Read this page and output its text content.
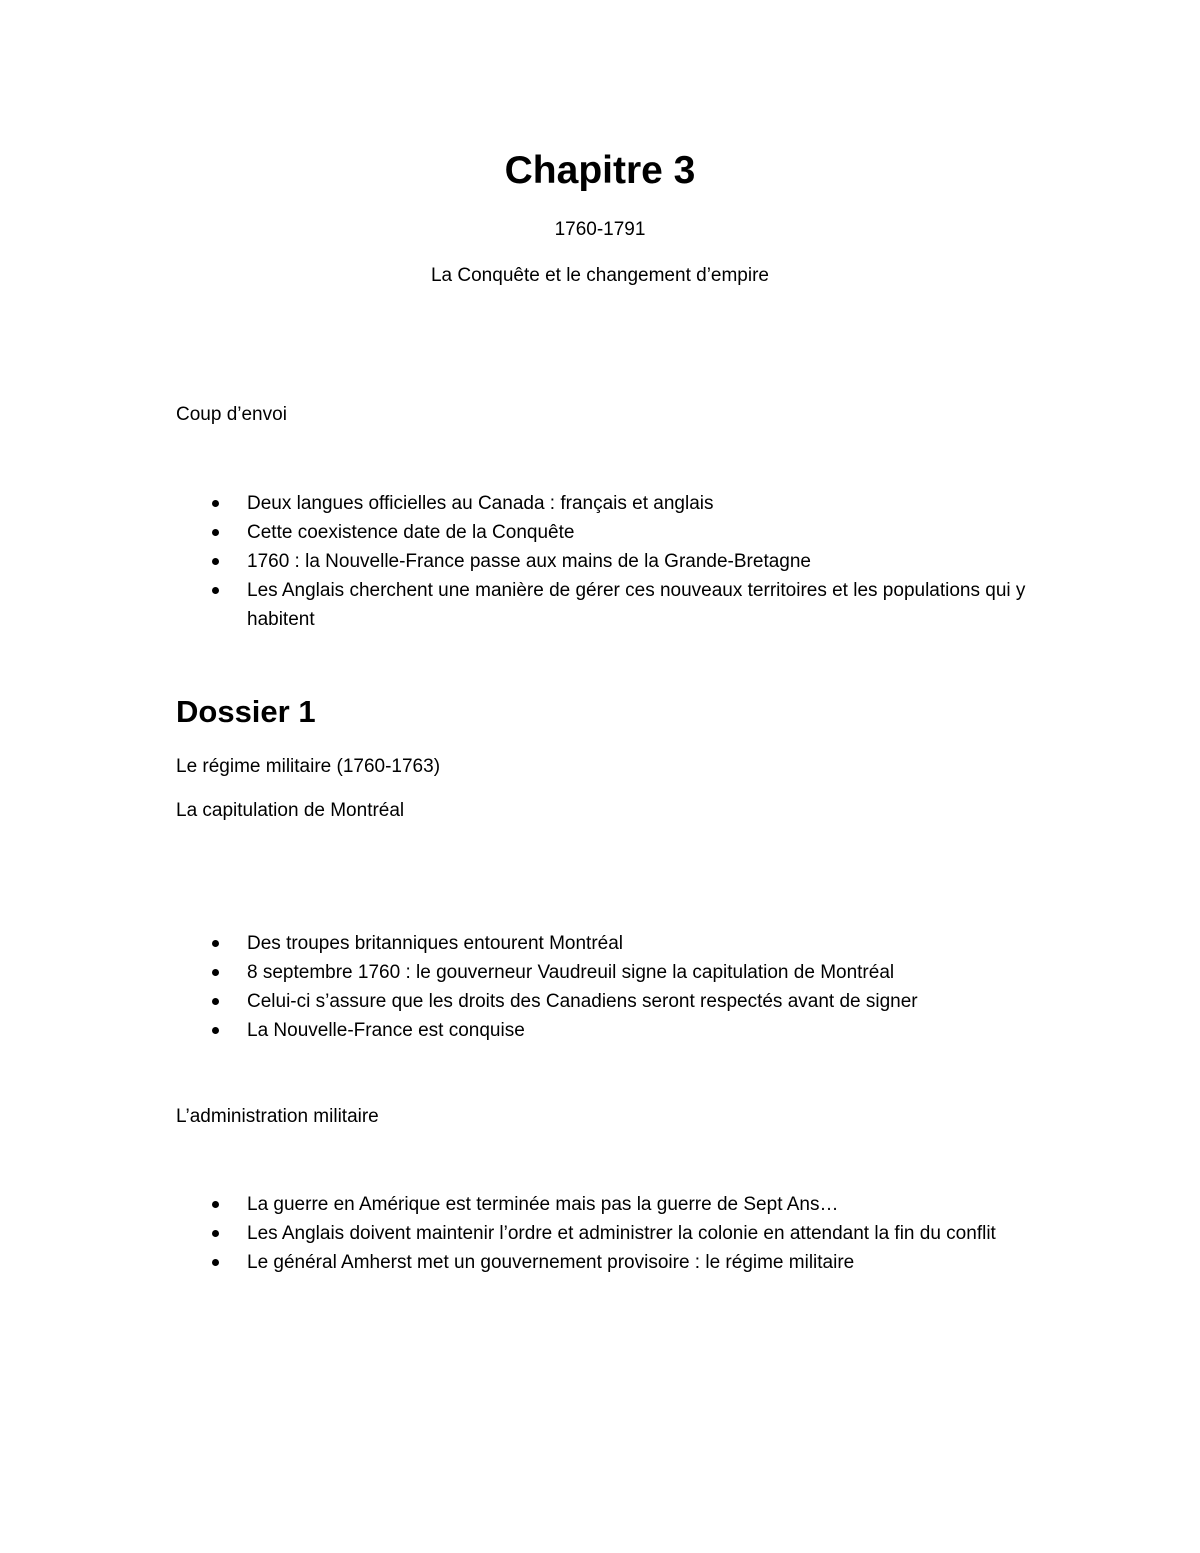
Chapitre 3

1760-1791

La Conquête et le changement d’empire

Coup d’envoi

Deux langues officielles au Canada : français et anglais
Cette coexistence date de la Conquête
1760 : la Nouvelle-France passe aux mains de la Grande-Bretagne
Les Anglais cherchent une manière de gérer ces nouveaux territoires et les populations qui y habitent
Dossier 1

Le régime militaire (1760-1763)

La capitulation de Montréal

Des troupes britanniques entourent Montréal
8 septembre 1760 : le gouverneur Vaudreuil signe la capitulation de Montréal
Celui-ci s’assure que les droits des Canadiens seront respectés avant de signer
La Nouvelle-France est conquise

L’administration militaire

La guerre en Amérique est terminée mais pas la guerre de Sept Ans…
Les Anglais doivent maintenir l’ordre et administrer la colonie en attendant la fin du conflit
Le général Amherst met un gouvernement provisoire : le régime militaire
